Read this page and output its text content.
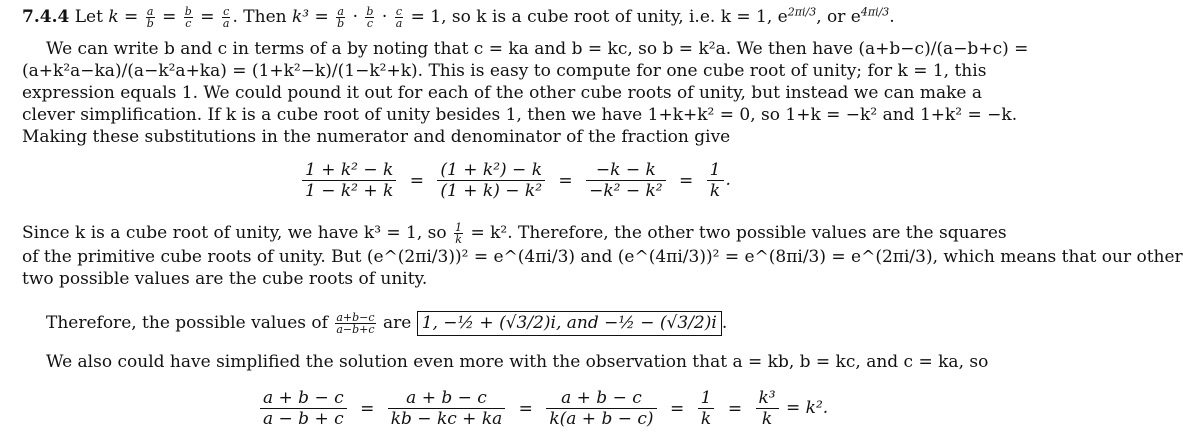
7.4.4 Let $k = \frac{a}{b} = \frac{b}{c} = \frac{c}{a}$ . Then $k^3 = \frac{a}{b} \cdot \frac{b}{c} \cdot \frac{c}{a} = 1$, so k is a cube root of unity, i.e. k = 1, $e^{2\pi i/3}$, or $e^{4\pi i/3}$.
We can write b and c in terms of a by noting that c = ka and b = kc, so b = k²a. We then have (a+b−c)/(a−b+c) =
(a+k²a−ka)/(a−k²a+ka) = (1+k²−k)/(1−k²+k). This is easy to compute for one cube root of unity; for k = 1, this
expression equals 1. We could pound it out for each of the other cube roots of unity, but instead we can make a
clever simplification. If k is a cube root of unity besides 1, then we have 1+k+k² = 0, so 1+k = −k² and 1+k² = −k.
Making these substitutions in the numerator and denominator of the fraction give
$\frac{\text{1 + k² − k}}{\text{1 − k² + k}} = \frac{\text{(1 + k²) − k}}{\text{(1 + k) − k²}} = \frac{-k - k}{\text{−k² − k²}} = \frac{1}{k}$ .
Since k is a cube root of unity, we have k³ = 1, so $\frac{1}{k} = k^2$. Therefore, the other two possible values are the squares
of the primitive cube roots of unity. But (e^(2πi/3))² = e^(4πi/3) and (e^(4πi/3))² = e^(8πi/3) = e^(2πi/3), which means that our other
two possible values are the cube roots of unity.
Therefore, the possible values of $\frac{a+b-c}{a-b+c}$ are 1, −½ + (√3/2)i, and −½ − (√3/2)i .
We also could have simplified the solution even more with the observation that a = kb, b = kc, and c = ka, so
$\frac{a + b - c}{a - b + c} = \frac{a + b - c}{kb - kc + ka} = \frac{a + b - c}{k(a + b - c)} = \frac{1}{k} = \frac{\text{k³}}{k} = k^2$.
